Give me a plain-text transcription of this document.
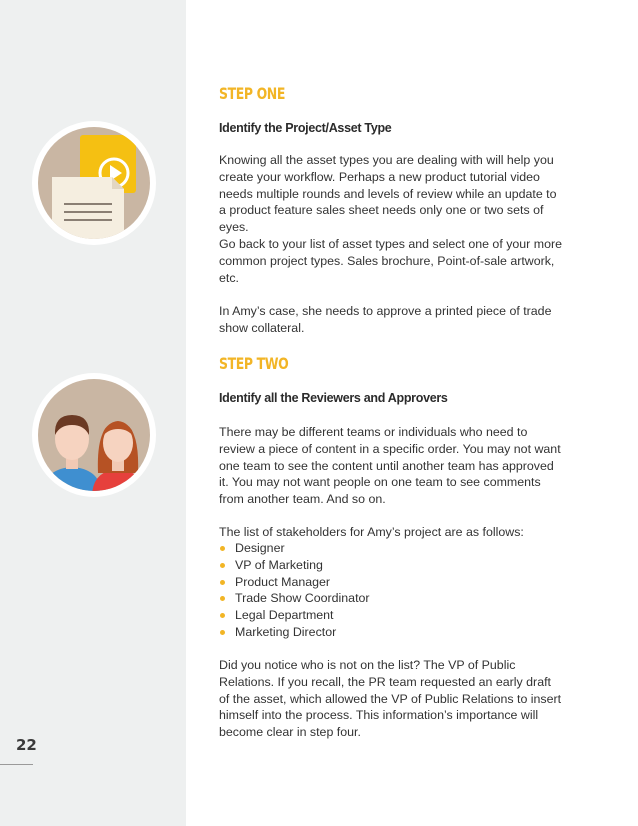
22
STEP ONE
Identify the Project/Asset Type

Knowing all the asset types you are dealing with will help you create your workflow. Perhaps a new product tutorial video needs multiple rounds and levels of review while an update to a product feature sales sheet needs only one or two sets of eyes.

Go back to your list of asset types and select one of your more common project types. Sales brochure, Point-of-sale artwork, etc.

In Amy’s case, she needs to approve a printed piece of trade show collateral.

STEP TWO
Identify all the Reviewers and Approvers

There may be different teams or individuals who need to review a piece of content in a specific order. You may not want one team to see the content until another team has approved it. You may not want people on one team to see comments from another team. And so on.

The list of stakeholders for Amy’s project are as follows:

Designer
VP of Marketing
Product Manager
Trade Show Coordinator
Legal Department
Marketing Director

Did you notice who is not on the list? The VP of Public Relations. If you recall, the PR team requested an early draft of the asset, which allowed the VP of Public Relations to insert himself into the process. This information’s importance will become clear in step four.
